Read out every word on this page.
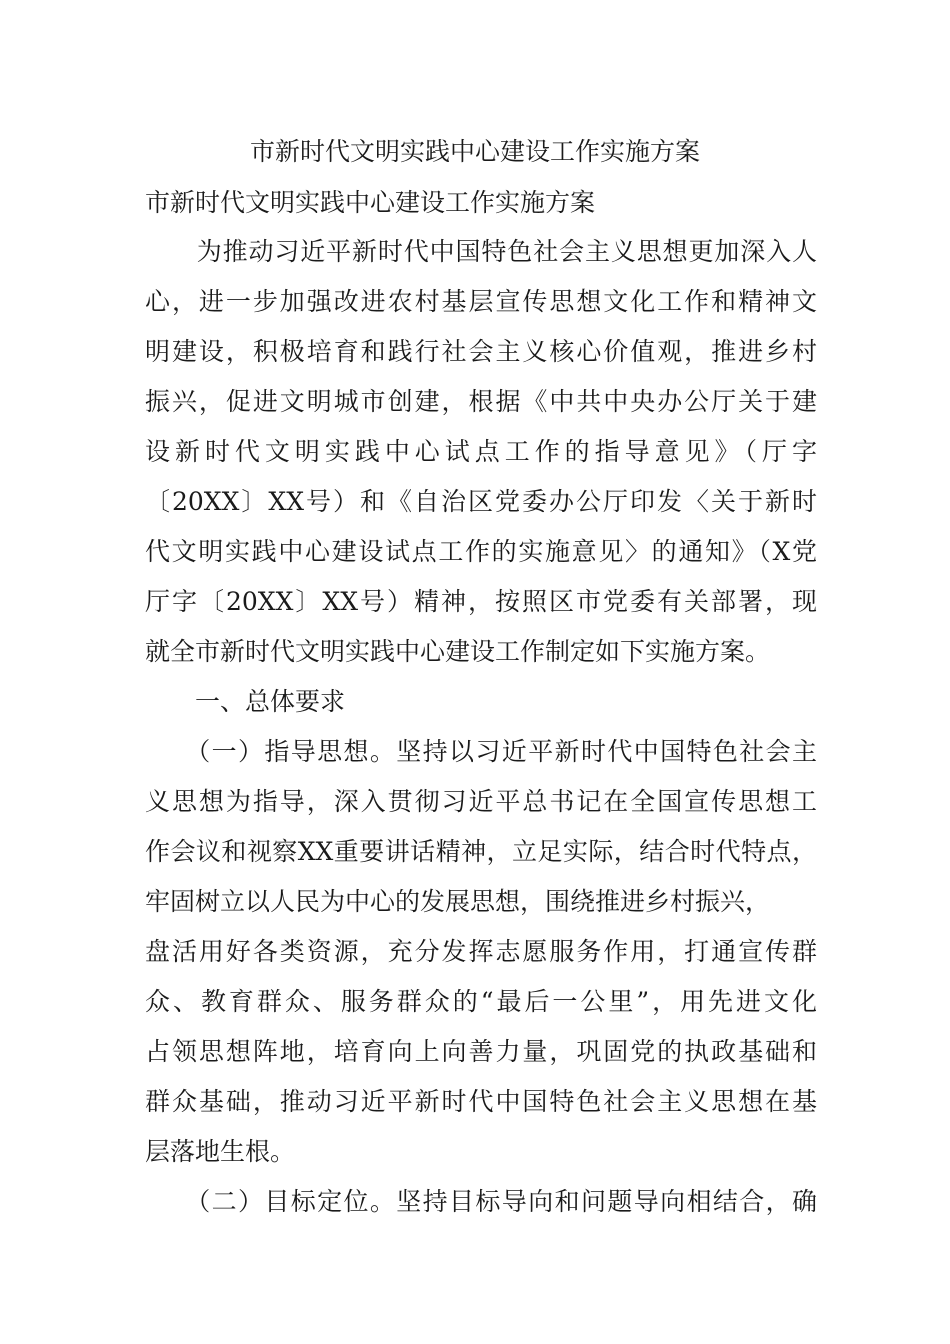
市新时代文明实践中心建设工作实施方案
市新时代文明实践中心建设工作实施方案
　　为推动习近平新时代中国特色社会主义思想更加深入人
心，进一步加强改进农村基层宣传思想文化工作和精神文
明建设，积极培育和践行社会主义核心价值观，推进乡村
振兴，促进文明城市创建，根据《中共中央办公厅关于建
设新时代文明实践中心试点工作的指导意见》（厅字
〔20XX〕XX号）和《自治区党委办公厅印发〈关于新时
代文明实践中心建设试点工作的实施意见〉的通知》（X党
厅字〔20XX〕XX号）精神，按照区市党委有关部署，现
就全市新时代文明实践中心建设工作制定如下实施方案。
　　一、总体要求
　　（一）指导思想。坚持以习近平新时代中国特色社会主
义思想为指导，深入贯彻习近平总书记在全国宣传思想工
作会议和视察XX重要讲话精神，立足实际，结合时代特点，
牢固树立以人民为中心的发展思想，围绕推进乡村振兴，
盘活用好各类资源，充分发挥志愿服务作用，打通宣传群
众、教育群众、服务群众的“最后一公里”，用先进文化
占领思想阵地，培育向上向善力量，巩固党的执政基础和
群众基础，推动习近平新时代中国特色社会主义思想在基
层落地生根。
　　（二）目标定位。坚持目标导向和问题导向相结合，确
